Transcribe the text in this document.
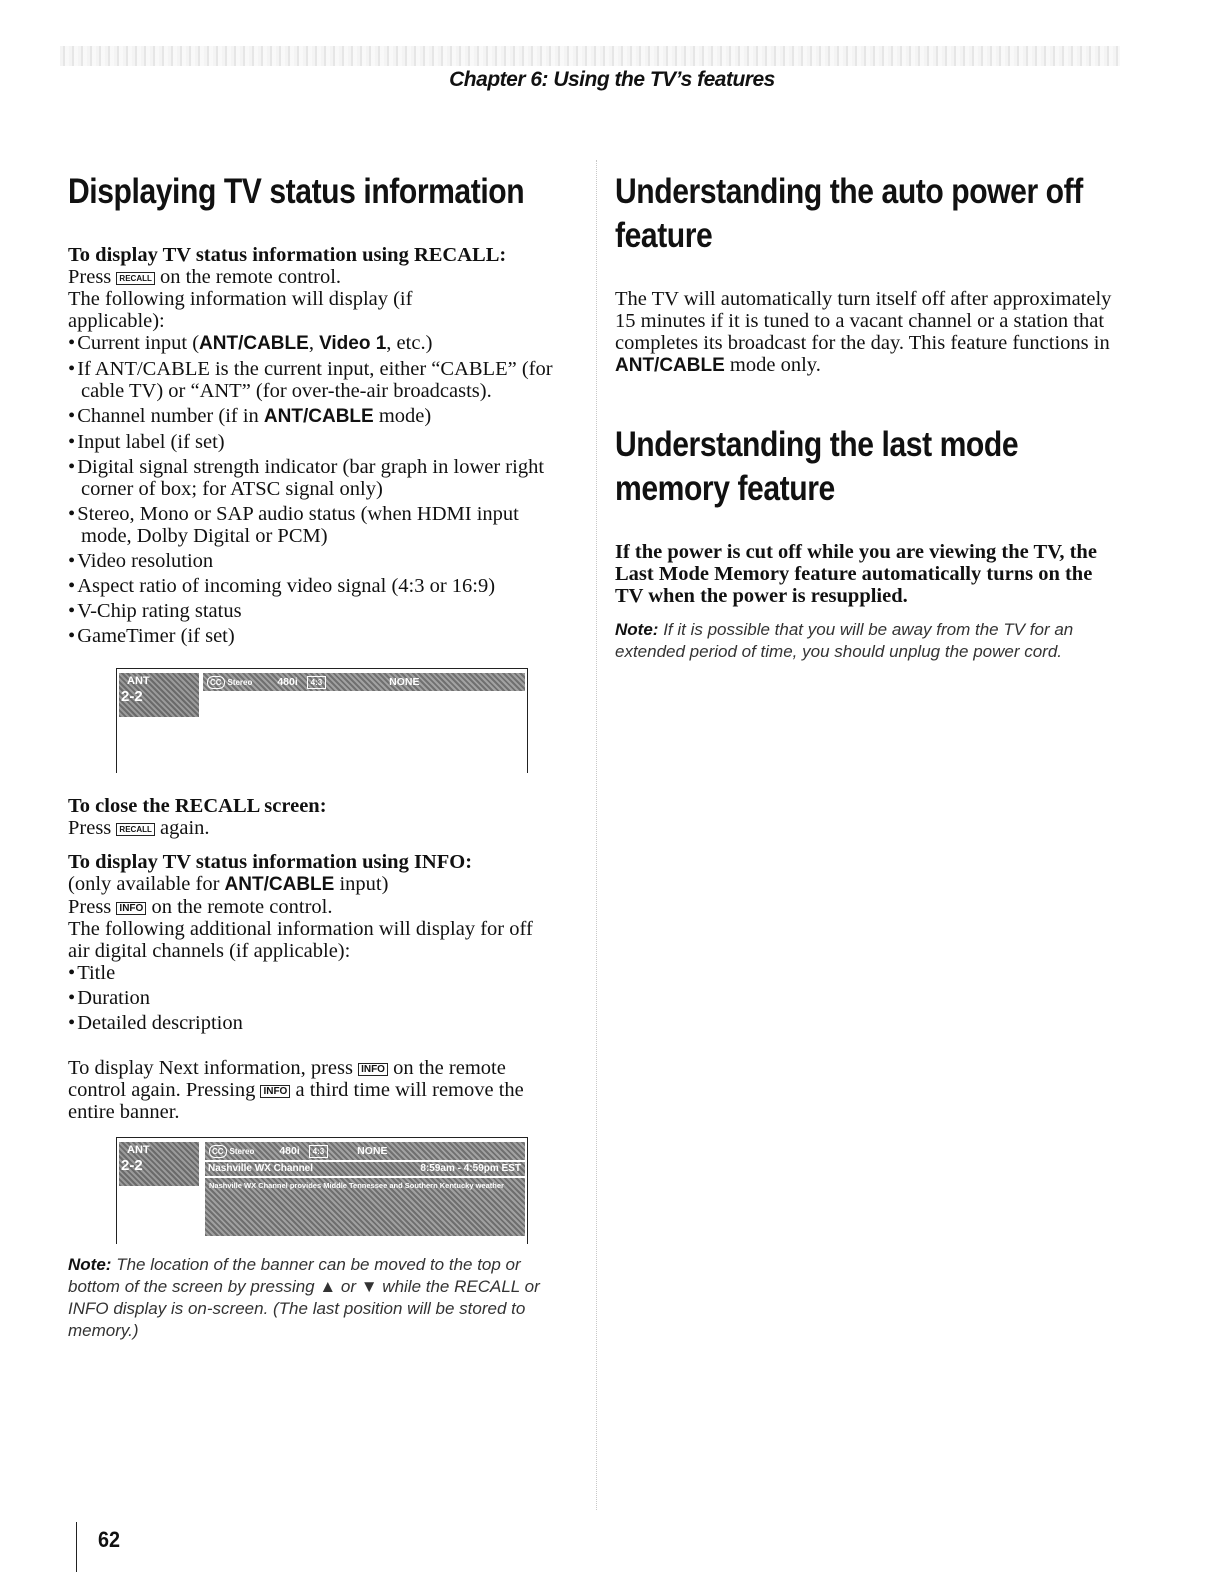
Chapter 6: Using the TV’s features
Displaying TV status information

To display TV status information using RECALL:

Press RECALL on the remote control.

The following information will display (if applicable):

• Current input (ANT/CABLE, Video 1, etc.)
• If ANT/CABLE is the current input, either “CABLE” (for cable TV) or “ANT” (for over-the-air broadcasts).
• Channel number (if in ANT/CABLE mode)
• Input label (if set)
• Digital signal strength indicator (bar graph in lower right corner of box; for ATSC signal only)
• Stereo, Mono or SAP audio status (when HDMI input mode, Dolby Digital or PCM)
• Video resolution
• Aspect ratio of incoming video signal (4:3 or 16:9)
• V-Chip rating status
• GameTimer (if set)
ANT
2-2
CC Stereo 480i 4:3	NONE

To close the RECALL screen:

Press RECALL again.

To display TV status information using INFO:

(only available for ANT/CABLE input)

Press INFO on the remote control.

The following additional information will display for off air digital channels (if applicable):

• Title
• Duration
• Detailed description

To display Next information, press INFO on the remote control again. Pressing INFO a third time will remove the entire banner.

ANT
2-2
CC Stereo 480i 4:3	NONE
Nashville WX Channel	8:59am - 4:59pm EST
Nashville WX Channel provides Middle Tennessee and Southern Kentucky weather

Note: The location of the banner can be moved to the top or bottom of the screen by pressing ▲ or ▼ while the RECALL or INFO display is on-screen. (The last position will be stored to memory.)

Understanding the auto power off feature

The TV will automatically turn itself off after approximately 15 minutes if it is tuned to a vacant channel or a station that completes its broadcast for the day. This feature functions in ANT/CABLE mode only.

Understanding the last mode memory feature

If the power is cut off while you are viewing the TV, the Last Mode Memory feature automatically turns on the TV when the power is resupplied.

Note: If it is possible that you will be away from the TV for an extended period of time, you should unplug the power cord.

62
